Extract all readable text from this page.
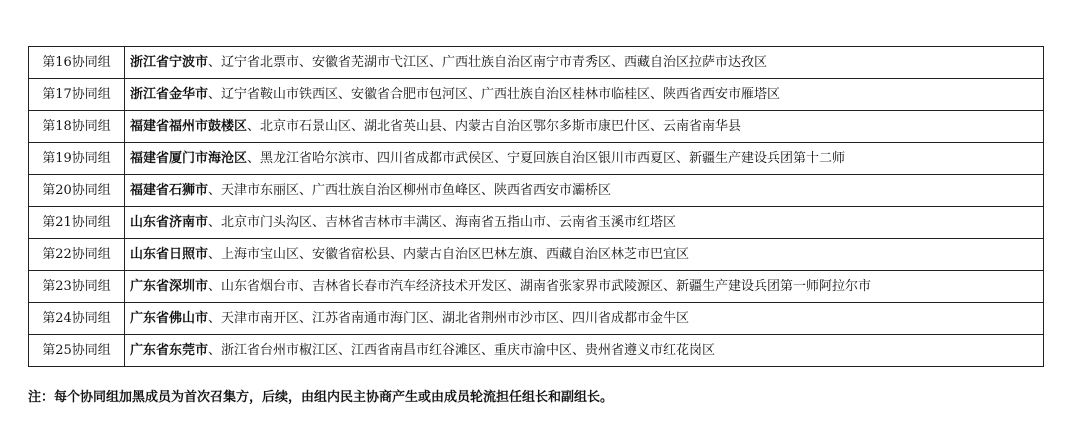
第16协同组	浙江省宁波市、辽宁省北票市、安徽省芜湖市弋江区、广西壮族自治区南宁市青秀区、西藏自治区拉萨市达孜区
第17协同组	浙江省金华市、辽宁省鞍山市铁西区、安徽省合肥市包河区、广西壮族自治区桂林市临桂区、陕西省西安市雁塔区
第18协同组	福建省福州市鼓楼区、北京市石景山区、湖北省英山县、内蒙古自治区鄂尔多斯市康巴什区、云南省南华县
第19协同组	福建省厦门市海沧区、黑龙江省哈尔滨市、四川省成都市武侯区、宁夏回族自治区银川市西夏区、新疆生产建设兵团第十二师
第20协同组	福建省石狮市、天津市东丽区、广西壮族自治区柳州市鱼峰区、陕西省西安市灞桥区
第21协同组	山东省济南市、北京市门头沟区、吉林省吉林市丰满区、海南省五指山市、云南省玉溪市红塔区
第22协同组	山东省日照市、上海市宝山区、安徽省宿松县、内蒙古自治区巴林左旗、西藏自治区林芝市巴宜区
第23协同组	广东省深圳市、山东省烟台市、吉林省长春市汽车经济技术开发区、湖南省张家界市武陵源区、新疆生产建设兵团第一师阿拉尔市
第24协同组	广东省佛山市、天津市南开区、江苏省南通市海门区、湖北省荆州市沙市区、四川省成都市金牛区
第25协同组	广东省东莞市、浙江省台州市椒江区、江西省南昌市红谷滩区、重庆市渝中区、贵州省遵义市红花岗区
注：每个协同组加黑成员为首次召集方，后续，由组内民主协商产生或由成员轮流担任组长和副组长。
